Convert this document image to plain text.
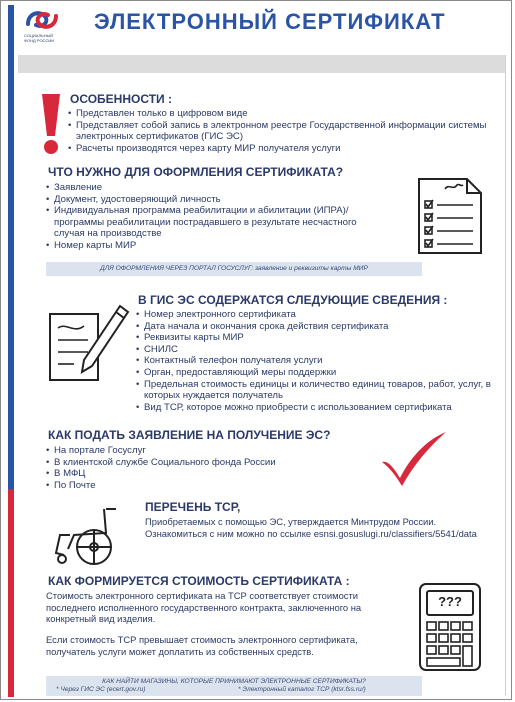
СОЦИАЛЬНЫЙ ФОНД РОССИИ
ЭЛЕКТРОННЫЙ СЕРТИФИКАТ
ОСОБЕННОСТИ :
• Представлен только в цифровом виде
• Представляет собой запись в электронном реестре Государственной информации системы электронных сертификатов (ГИС ЭС)
• Расчеты производятся через карту МИР получателя услуги
ЧТО НУЖНО ДЛЯ ОФОРМЛЕНИЯ СЕРТИФИКАТА?
• Заявление
• Документ, удостоверяющий личность
• Индивидуальная программа реабилитации и абилитации (ИПРА)/программы реабилитации пострадавшего в результате несчастного случая на производстве
• Номер карты МИР
ДЛЯ ОФОРМЛЕНИЯ ЧЕРЕЗ ПОРТАЛ ГОСУСЛУГ: заявление и реквизиты карты МИР
В ГИС ЭС СОДЕРЖАТСЯ СЛЕДУЮЩИЕ СВЕДЕНИЯ :
• Номер электронного сертификата
• Дата начала и окончания срока действия сертификата
• Реквизиты карты МИР
• СНИЛС
• Контактный телефон получателя услуги
• Орган, предоставляющий меры поддержки
• Предельная стоимость единицы и количество единиц товаров, работ, услуг, в которых нуждается получатель
• Вид ТСР, которое можно приобрести с использованием сертификата
КАК ПОДАТЬ ЗАЯВЛЕНИЕ НА ПОЛУЧЕНИЕ ЭС?
• На портале Госуслуг
• В клиентской службе Социального фонда России
• В МФЦ
• По Почте
ПЕРЕЧЕНЬ ТСР,

Приобретаемых с помощью ЭС, утверждается Минтрудом России. Ознакомиться с ним можно по ссылке esnsi.gosuslugi.ru/classifiers/5541/data

КАК ФОРМИРУЕТСЯ СТОИМОСТЬ СЕРТИФИКАТА :

Стоимость электронного сертификата на ТСР соответствует стоимости последнего исполненного государственного контракта, заключенного на конкретный вид изделия.

Если стоимость ТСР превышает стоимость электронного сертификата, получатель услуги может доплатить из собственных средств.

???
КАК НАЙТИ МАГАЗИНЫ, КОТОРЫЕ ПРИНИМАЮТ ЭЛЕКТРОННЫЕ СЕРТИФИКАТЫ?
* Через ГИС ЭС (ecert.gov.ru)	* Электронный каталог ТСР (ktsr.fss.ru/)
